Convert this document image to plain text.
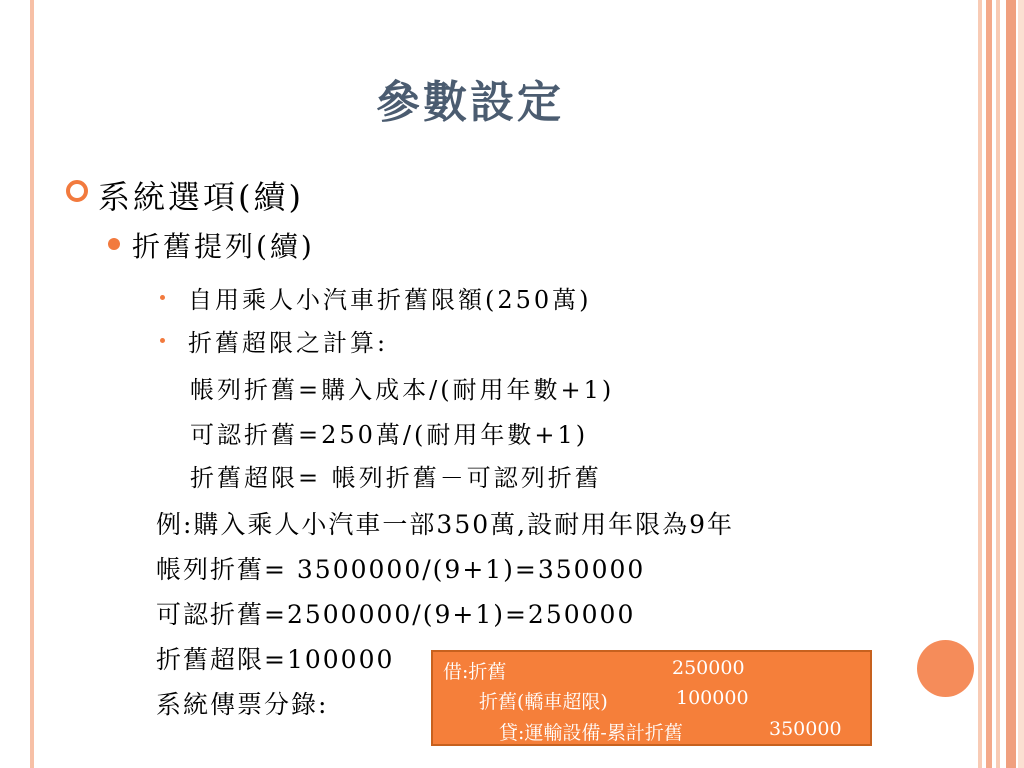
參數設定
系統選項(續)
折舊提列(續)
自用乘人小汽車折舊限額(250萬)
折舊超限之計算:
帳列折舊=購入成本/(耐用年數+1)
可認折舊=250萬/(耐用年數+1)
折舊超限= 帳列折舊－可認列折舊
例:購入乘人小汽車一部350萬,設耐用年限為9年
帳列折舊= 3500000/(9+1)=350000
可認折舊=2500000/(9+1)=250000
折舊超限=100000
系統傳票分錄:
借:折舊	250000
折舊(轎車超限)	100000
貸:運輸設備-累計折舊	350000
